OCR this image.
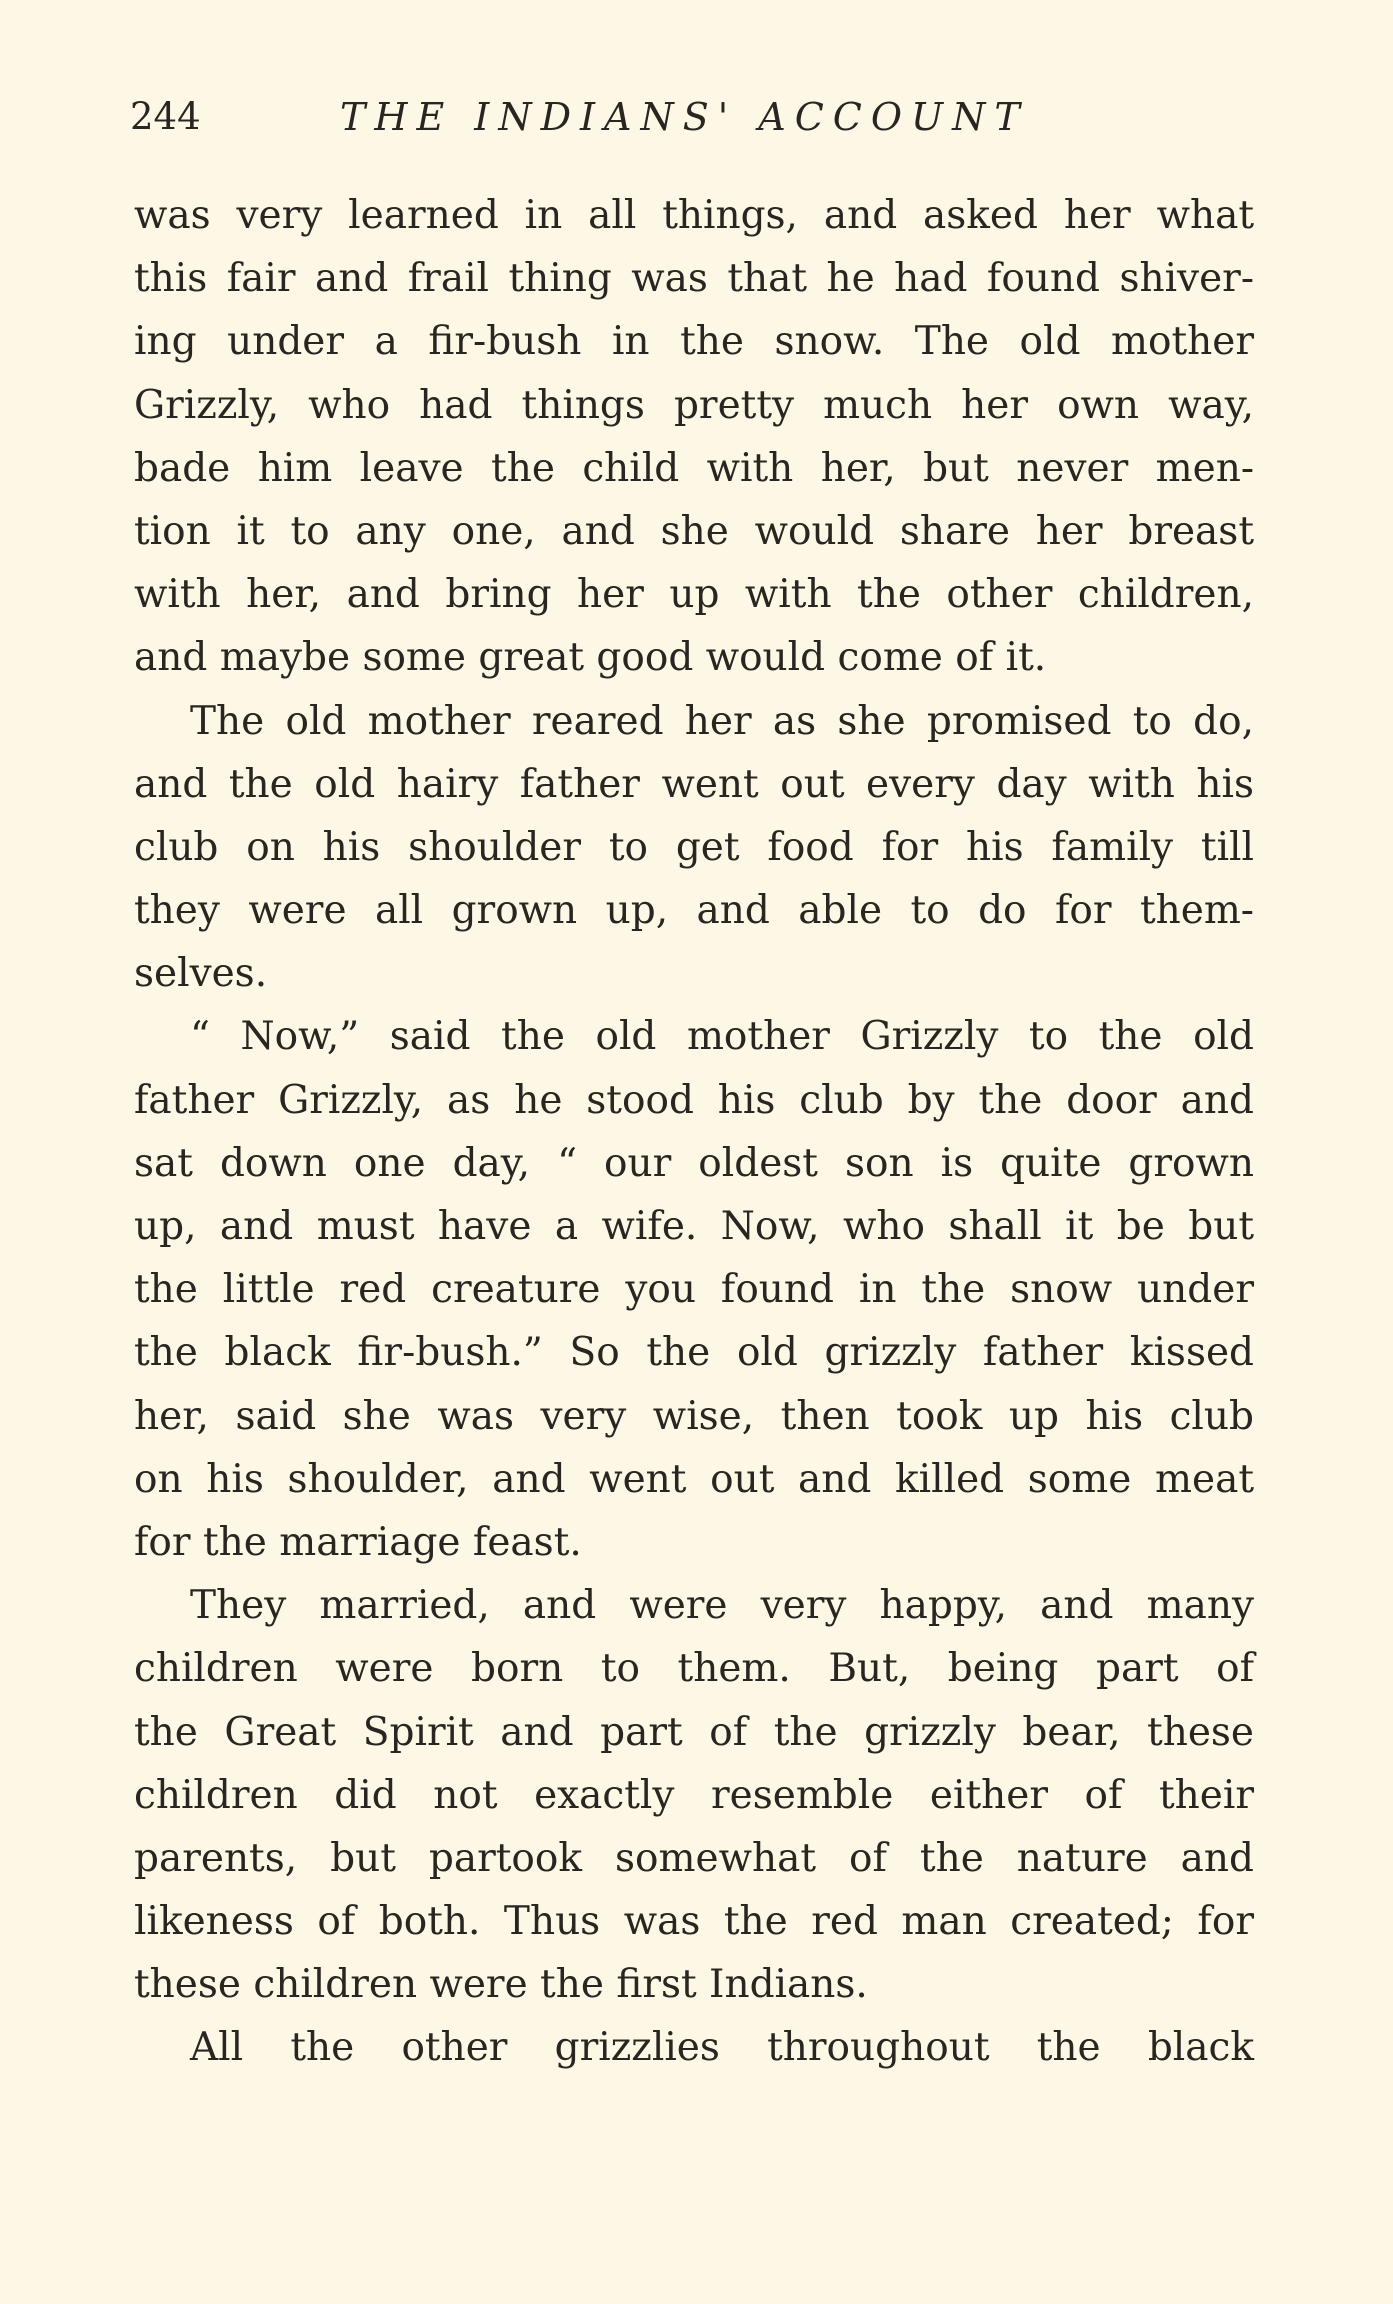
244	THE INDIANS' ACCOUNT
was very learned in all things, and asked her what
this fair and frail thing was that he had found shiver-
ing under a fir-bush in the snow. The old mother
Grizzly, who had things pretty much her own way,
bade him leave the child with her, but never men-
tion it to any one, and she would share her breast
with her, and bring her up with the other children,
and maybe some great good would come of it.
The old mother reared her as she promised to do,
and the old hairy father went out every day with his
club on his shoulder to get food for his family till
they were all grown up, and able to do for them-
selves.
“ Now,” said the old mother Grizzly to the old
father Grizzly, as he stood his club by the door and
sat down one day, “ our oldest son is quite grown
up, and must have a wife. Now, who shall it be but
the little red creature you found in the snow under
the black fir-bush.” So the old grizzly father kissed
her, said she was very wise, then took up his club
on his shoulder, and went out and killed some meat
for the marriage feast.
They married, and were very happy, and many
children were born to them. But, being part of
the Great Spirit and part of the grizzly bear, these
children did not exactly resemble either of their
parents, but partook somewhat of the nature and
likeness of both. Thus was the red man created; for
these children were the first Indians.
All the other grizzlies throughout the black
